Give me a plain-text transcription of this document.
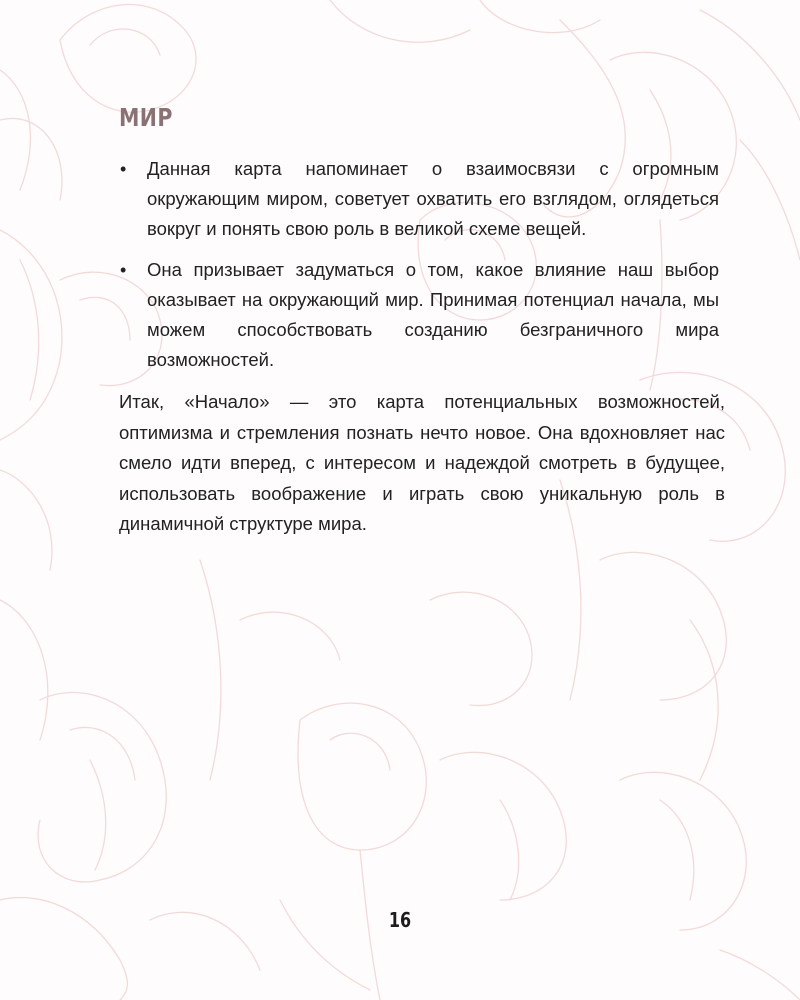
МИР
• Данная карта напоминает о взаимосвязи с огромным окружающим миром, советует охватить его взглядом, оглядеться вокруг и понять свою роль в великой схеме вещей.
• Она призывает задуматься о том, какое влияние наш выбор оказывает на окружающий мир. Принимая потенциал начала, мы можем способствовать созданию безграничного мира возможностей.

Итак, «Начало» — это карта потенциальных возможностей, оптимизма и стремления познать нечто новое. Она вдохновляет нас смело идти вперед, с интересом и надеждой смотреть в будущее, использовать воображение и играть свою уникальную роль в динамичной структуре мира.

16
